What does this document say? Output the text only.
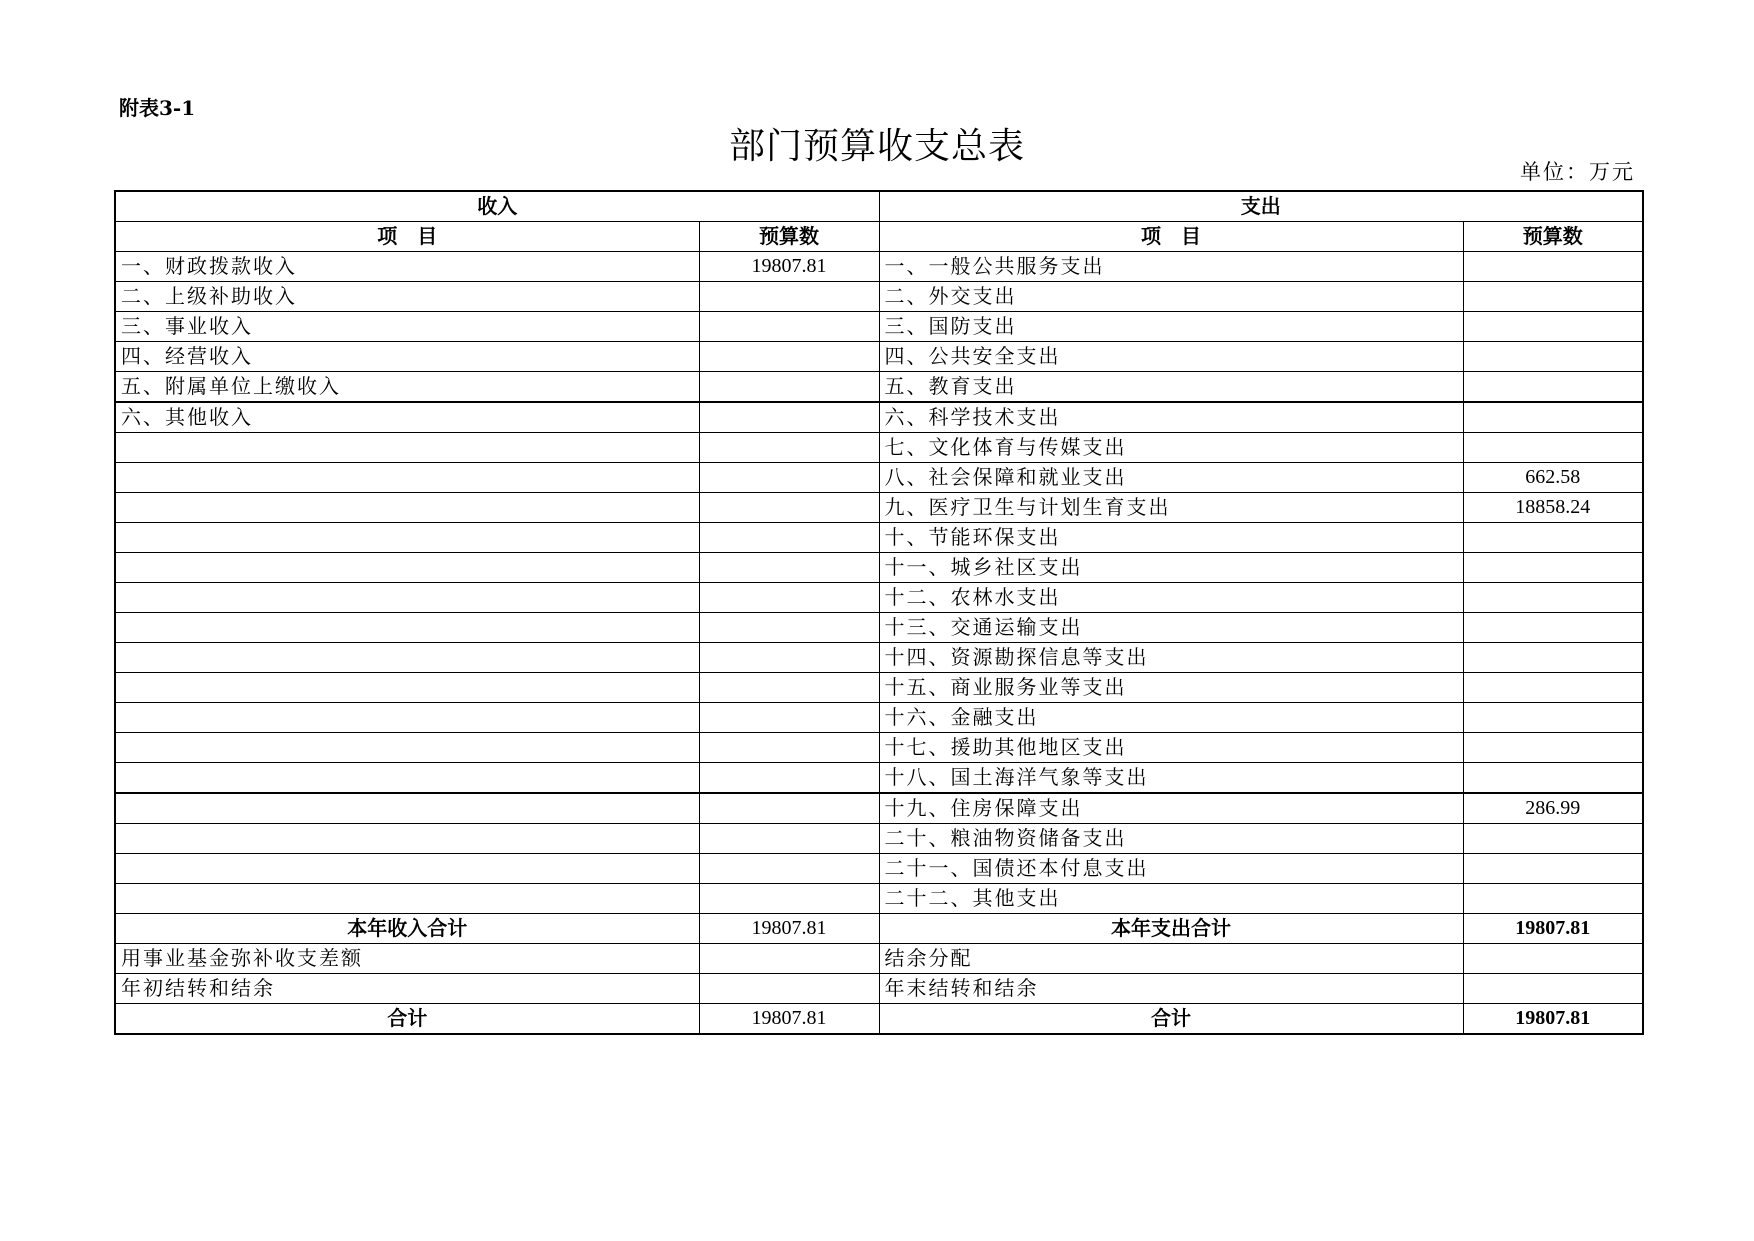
附表3-1
部门预算收支总表
单位：万元
收入		支出	
项　目	预算数	项　目	预算数
一、财政拨款收入	19807.81	一、一般公共服务支出	
二、上级补助收入		二、外交支出	
三、事业收入		三、国防支出	
四、经营收入		四、公共安全支出	
五、附属单位上缴收入		五、教育支出	
六、其他收入		六、科学技术支出	
		七、文化体育与传媒支出	
		八、社会保障和就业支出	662.58
		九、医疗卫生与计划生育支出	18858.24
		十、节能环保支出	
		十一、城乡社区支出	
		十二、农林水支出	
		十三、交通运输支出	
		十四、资源勘探信息等支出	
		十五、商业服务业等支出	
		十六、金融支出	
		十七、援助其他地区支出	
		十八、国土海洋气象等支出	
		十九、住房保障支出	286.99
		二十、粮油物资储备支出	
		二十一、国债还本付息支出	
		二十二、其他支出	
本年收入合计	19807.81	本年支出合计	19807.81
用事业基金弥补收支差额		结余分配	
年初结转和结余		年末结转和结余	
合计	19807.81	合计	19807.81
